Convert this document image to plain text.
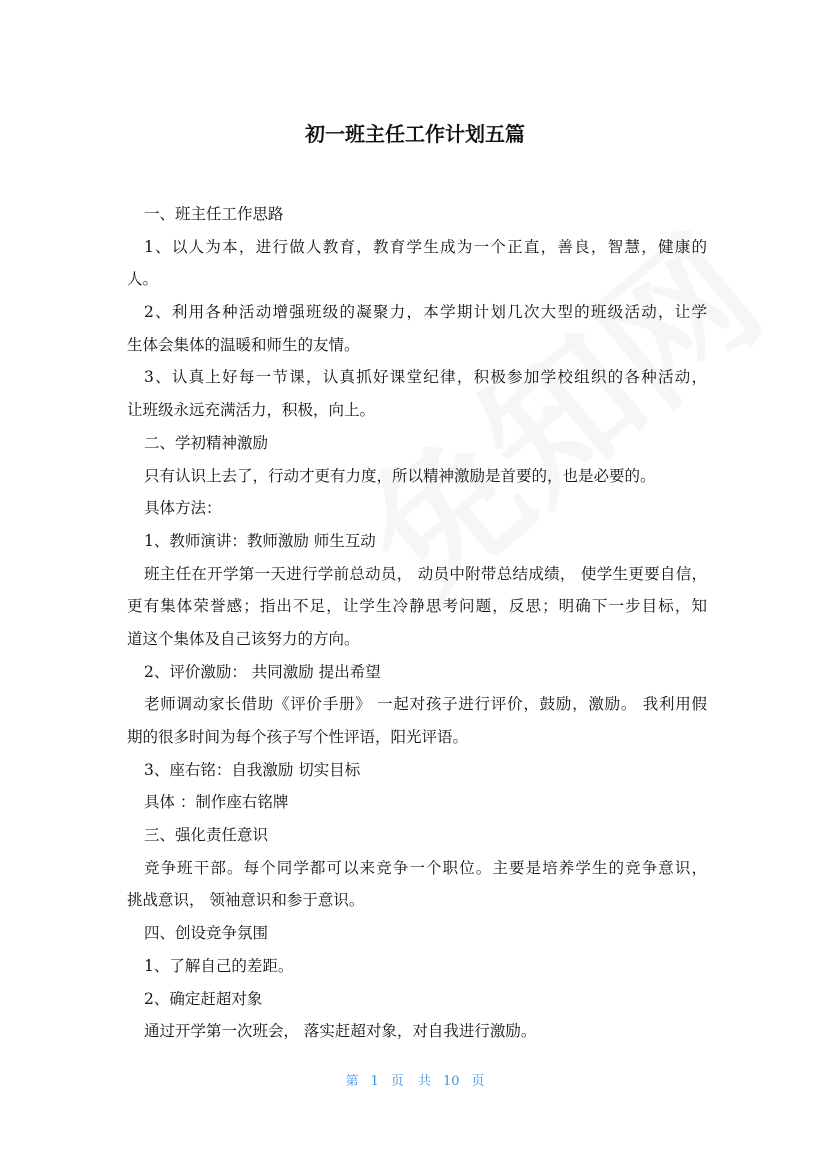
初一班主任工作计划五篇
一、班主任工作思路
1、以人为本，进行做人教育，教育学生成为一个正直，善良，智慧，健康的
人。
2、利用各种活动增强班级的凝聚力，本学期计划几次大型的班级活动，让学
生体会集体的温暖和师生的友情。
3、认真上好每一节课，认真抓好课堂纪律，积极参加学校组织的各种活动，
让班级永远充满活力，积极，向上。
二、学初精神激励
只有认识上去了，行动才更有力度，所以精神激励是首要的，也是必要的。
具体方法：
1、教师演讲：教师激励 师生互动
班主任在开学第一天进行学前总动员， 动员中附带总结成绩， 使学生更要自信，
更有集体荣誉感；指出不足，让学生冷静思考问题，反思；明确下一步目标，知
道这个集体及自己该努力的方向。
2、评价激励： 共同激励 提出希望
老师调动家长借助《评价手册》 一起对孩子进行评价，鼓励，激励。 我利用假
期的很多时间为每个孩子写个性评语，阳光评语。
3、座右铭：自我激励 切实目标
具体 ：制作座右铭牌
三、强化责任意识
竞争班干部。每个同学都可以来竞争一个职位。主要是培养学生的竞争意识，
挑战意识， 领袖意识和参于意识。
四、创设竞争氛围
1、了解自己的差距。
2、确定赶超对象
通过开学第一次班会， 落实赶超对象，对自我进行激励。
第 1 页 共 10 页
